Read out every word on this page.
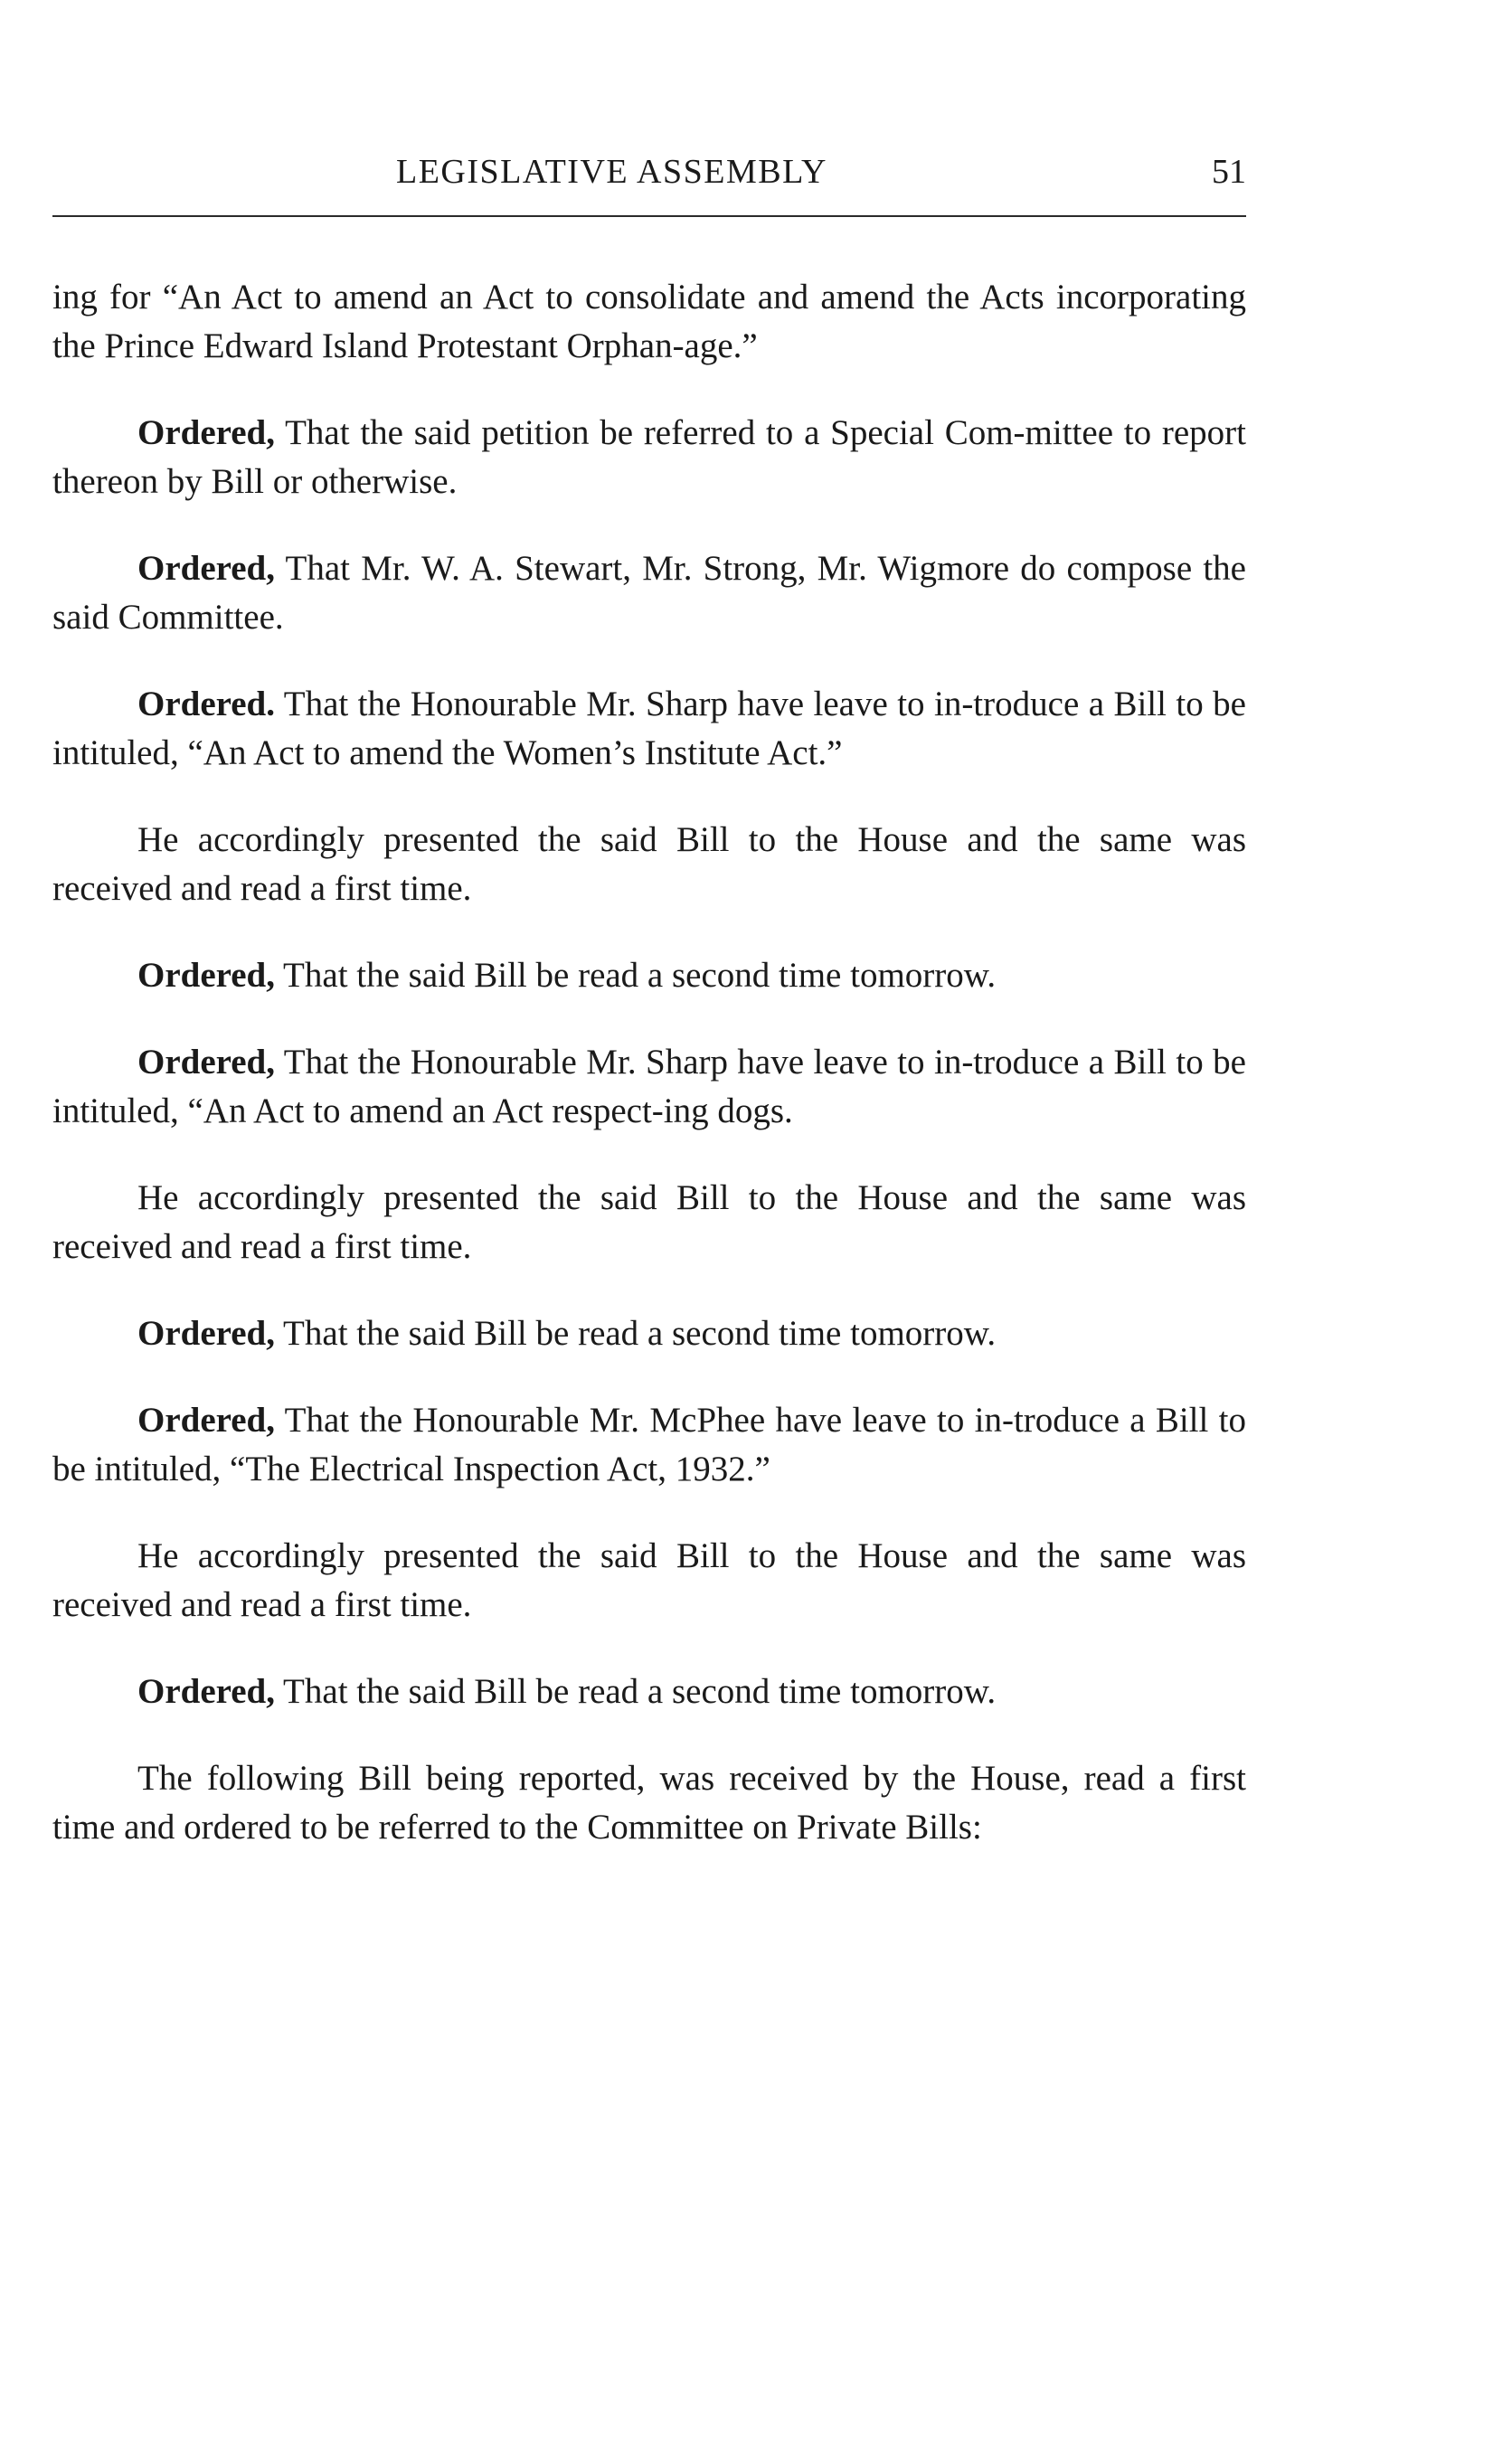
LEGISLATIVE ASSEMBLY	51

ing for “An Act to amend an Act to consolidate and amend the Acts incorporating the Prince Edward Island Protestant Orphan-age.”

Ordered, That the said petition be referred to a Special Com-mittee to report thereon by Bill or otherwise.

Ordered, That Mr. W. A. Stewart, Mr. Strong, Mr. Wigmore do compose the said Committee.

Ordered. That the Honourable Mr. Sharp have leave to in-troduce a Bill to be intituled, “An Act to amend the Women’s Institute Act.”

He accordingly presented the said Bill to the House and the same was received and read a first time.

Ordered, That the said Bill be read a second time tomorrow.

Ordered, That the Honourable Mr. Sharp have leave to in-troduce a Bill to be intituled, “An Act to amend an Act respect-ing dogs.

He accordingly presented the said Bill to the House and the same was received and read a first time.

Ordered, That the said Bill be read a second time tomorrow.

Ordered, That the Honourable Mr. McPhee have leave to in-troduce a Bill to be intituled, “The Electrical Inspection Act, 1932.”

He accordingly presented the said Bill to the House and the same was received and read a first time.

Ordered, That the said Bill be read a second time tomorrow.

The following Bill being reported, was received by the House, read a first time and ordered to be referred to the Committee on Private Bills:
